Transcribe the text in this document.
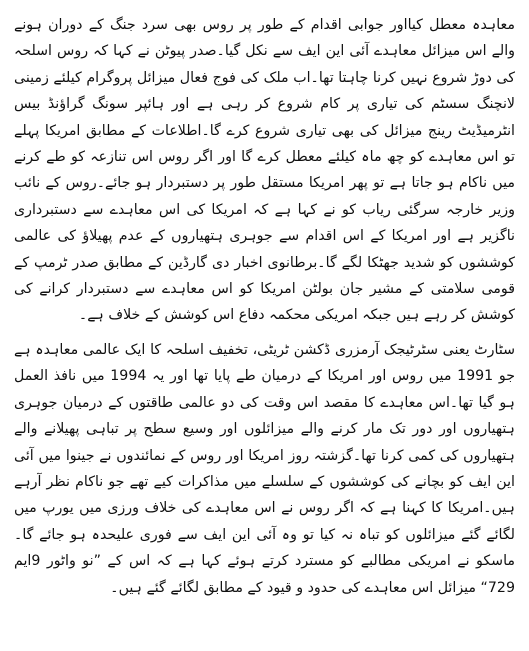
معاہدہ معطل کیااور جوابی اقدام کے طور پر روس بھی سرد جنگ کے دوران ہونے والے اس میزائل معاہدے آئی این ایف سے نکل گیا۔صدر پیوٹن نے کہا کہ روس اسلحہ کی دوڑ شروع نہیں کرنا چاہتا تھا۔اب ملک کی فوج فعال میزائل پروگرام کیلئے زمینی لانچنگ سسٹم کی تیاری پر کام شروع کر رہی ہے اور ہائپر سونگ گراؤنڈ بیس انٹرمیڈیٹ رینج میزائل کی بھی تیاری شروع کرے گا۔اطلاعات کے مطابق امریکا پہلے تو اس معاہدے کو چھ ماہ کیلئے معطل کرے گا اور اگر روس اس تنازعہ کو طے کرنے میں ناکام ہو جاتا ہے تو پھر امریکا مستقل طور پر دستبردار ہو جائے۔روس کے نائب وزیر خارجہ سرگئی ریاب کو نے کہا ہے کہ امریکا کی اس معاہدے سے دستبرداری ناگزیر ہے اور امریکا کے اس اقدام سے جوہری ہتھیاروں کے عدم پھیلاؤ کی عالمی کوششوں کو شدید جھٹکا لگے گا۔برطانوی اخبار دی گارڈین کے مطابق صدر ٹرمپ کے قومی سلامتی کے مشیر جان بولٹن امریکا کو اس معاہدے سے دستبردار کرانے کی کوشش کر رہے ہیں جبکہ امریکی محکمہ دفاع اس کوشش کے خلاف ہے۔

سٹارٹ یعنی سٹرٹیجک آرمزری ڈکشن ٹریٹی، تخفیف اسلحہ کا ایک عالمی معاہدہ ہے جو 1991 میں روس اور امریکا کے درمیان طے پایا تھا اور یہ 1994 میں نافذ العمل ہو گیا تھا۔اس معاہدے کا مقصد اس وقت کی دو عالمی طاقتوں کے درمیان جوہری ہتھیاروں اور دور تک مار کرنے والے میزائلوں اور وسیع سطح پر تباہی پھیلانے والے ہتھیاروں کی کمی کرنا تھا۔گزشتہ روز امریکا اور روس کے نمائندوں نے جینوا میں آئی این ایف کو بچانے کی کوششوں کے سلسلے میں مذاکرات کیے تھے جو ناکام نظر آرہے ہیں۔امریکا کا کہنا ہے کہ اگر روس نے اس معاہدے کی خلاف ورزی میں یورپ میں لگائے گئے میزائلوں کو تباہ نہ کیا تو وہ آئی این ایف سے فوری علیحدہ ہو جائے گا۔ماسکو نے امریکی مطالبے کو مسترد کرتے ہوئے کہا ہے کہ اس کے ”نو واٹور 9ایم 729“ میزائل اس معاہدے کی حدود و قیود کے مطابق لگائے گئے ہیں۔
